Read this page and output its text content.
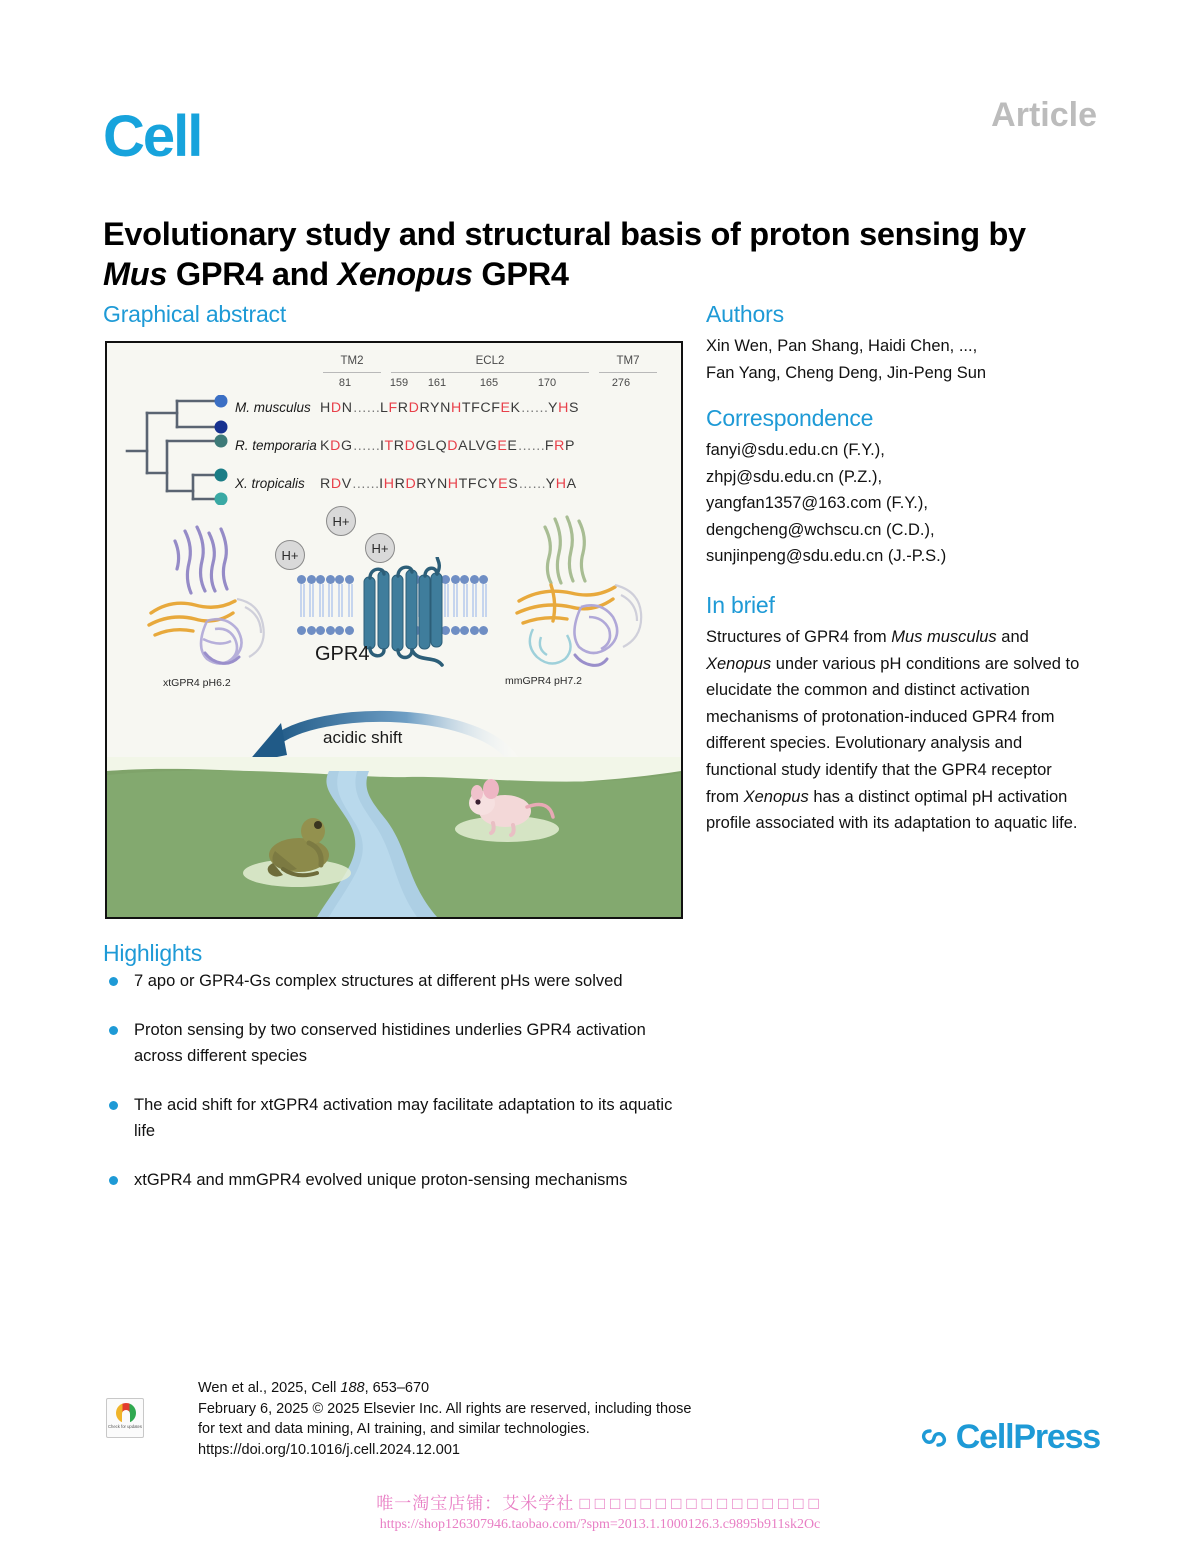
Cell	Article
Evolutionary study and structural basis of proton sensing by Mus GPR4 and Xenopus GPR4
Graphical abstract
TM2
81
ECL2
159	161	165	170
TM7
276
M. musculus HDN……LFRDRYNHTFCFEK……YHS
R. temporaria KDG……ITRDGLQDALVGEE……FRP
X. tropicalis RDV……IHRDRYNHTFCYES……YHA
H+
H+	H+
GPR4
xtGPR4 pH6.2	mmGPR4 pH7.2
acidic shift
Authors
Xin Wen, Pan Shang, Haidi Chen, ...,
Fan Yang, Cheng Deng, Jin-Peng Sun
Correspondence
fanyi@sdu.edu.cn (F.Y.),
zhpj@sdu.edu.cn (P.Z.),
yangfan1357@163.com (F.Y.),
dengcheng@wchscu.cn (C.D.),
sunjinpeng@sdu.edu.cn (J.-P.S.)
In brief

Structures of GPR4 from Mus musculus and Xenopus under various pH conditions are solved to elucidate the common and distinct activation mechanisms of protonation-induced GPR4 from different species. Evolutionary analysis and functional study identify that the GPR4 receptor from Xenopus has a distinct optimal pH activation profile associated with its adaptation to aquatic life.

Highlights
7 apo or GPR4-Gs complex structures at different pHs were solved
Proton sensing by two conserved histidines underlies GPR4 activation across different species
The acid shift for xtGPR4 activation may facilitate adaptation to its aquatic life
xtGPR4 and mmGPR4 evolved unique proton-sensing mechanisms
Check for updates
Wen et al., 2025, Cell 188, 653–670
February 6, 2025 © 2025 Elsevier Inc. All rights are reserved, including those
for text and data mining, AI training, and similar technologies.
https://doi.org/10.1016/j.cell.2024.12.001	CellPress
唯一淘宝店铺：艾米学社 □□□□□□□□□□□□□□□□
https://shop126307946.taobao.com/?spm=2013.1.1000126.3.c9895b911sk2Oc
